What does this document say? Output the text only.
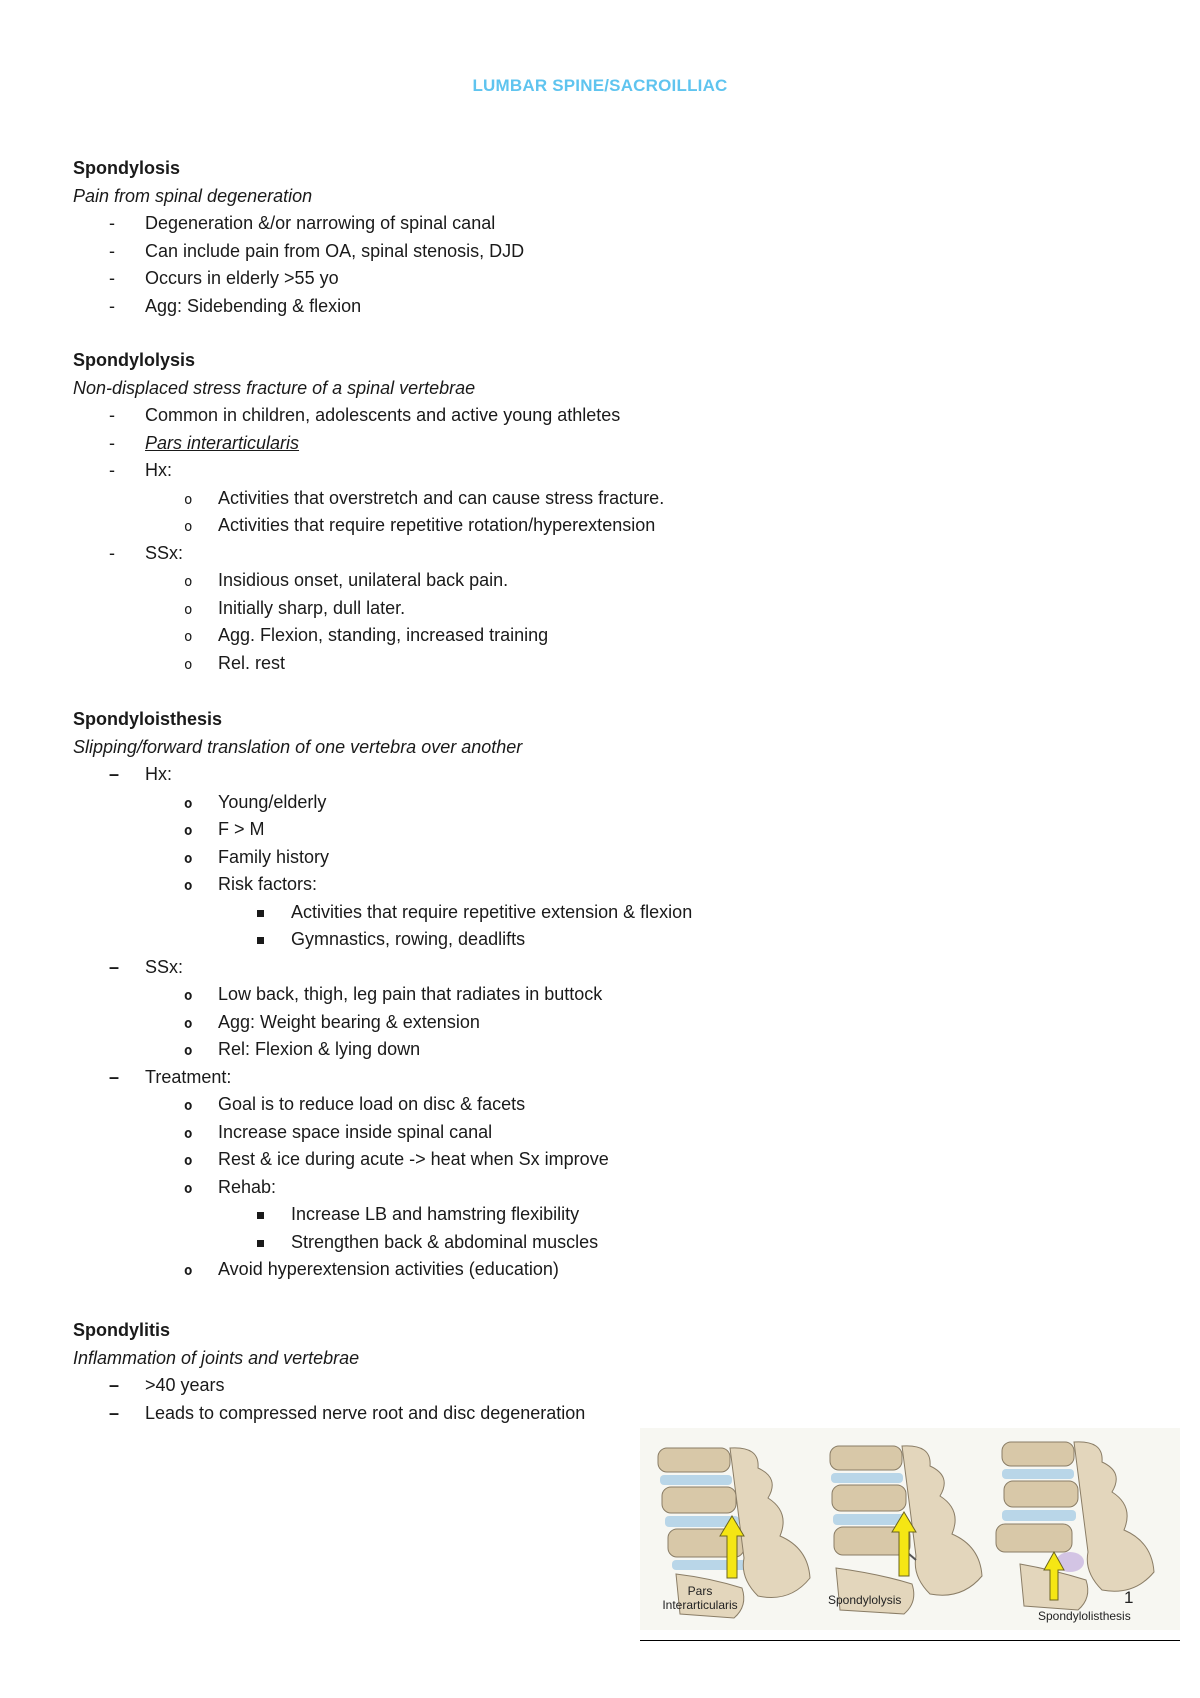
LUMBAR SPINE/SACROILLIAC
Spondylosis
Pain from spinal degeneration
-
Degeneration &/or narrowing of spinal canal
-
Can include pain from OA, spinal stenosis, DJD
-
Occurs in elderly >55 yo
-
Agg: Sidebending & flexion
Spondylolysis
Non-displaced stress fracture of a spinal vertebrae
-
Common in children, adolescents and active young athletes
-
Pars interarticularis
-
Hx:
o
Activities that overstretch and can cause stress fracture.
o
Activities that require repetitive rotation/hyperextension
-
SSx:
o
Insidious onset, unilateral back pain.
o
Initially sharp, dull later.
o
Agg. Flexion, standing, increased training
o
Rel. rest
Spondyloisthesis
Slipping/forward translation of one vertebra over another
–
Hx:
o
Young/elderly
o
F > M
o
Family history
o
Risk factors:
Activities that require repetitive extension & flexion
Gymnastics, rowing, deadlifts
–
SSx:
o
Low back, thigh, leg pain that radiates in buttock
o
Agg: Weight bearing & extension
o
Rel: Flexion & lying down
–
Treatment:
o
Goal is to reduce load on disc & facets
o
Increase space inside spinal canal
o
Rest & ice during acute -> heat when Sx improve
o
Rehab:
Increase LB and hamstring flexibility
Strengthen back & abdominal muscles
o
Avoid hyperextension activities (education)
Spondylitis
Inflammation of joints and vertebrae
–
>40 years
–
Leads to compressed nerve root and disc degeneration
Pars
Interarticularis	Spondylolysis
Spondylolisthesis
1
